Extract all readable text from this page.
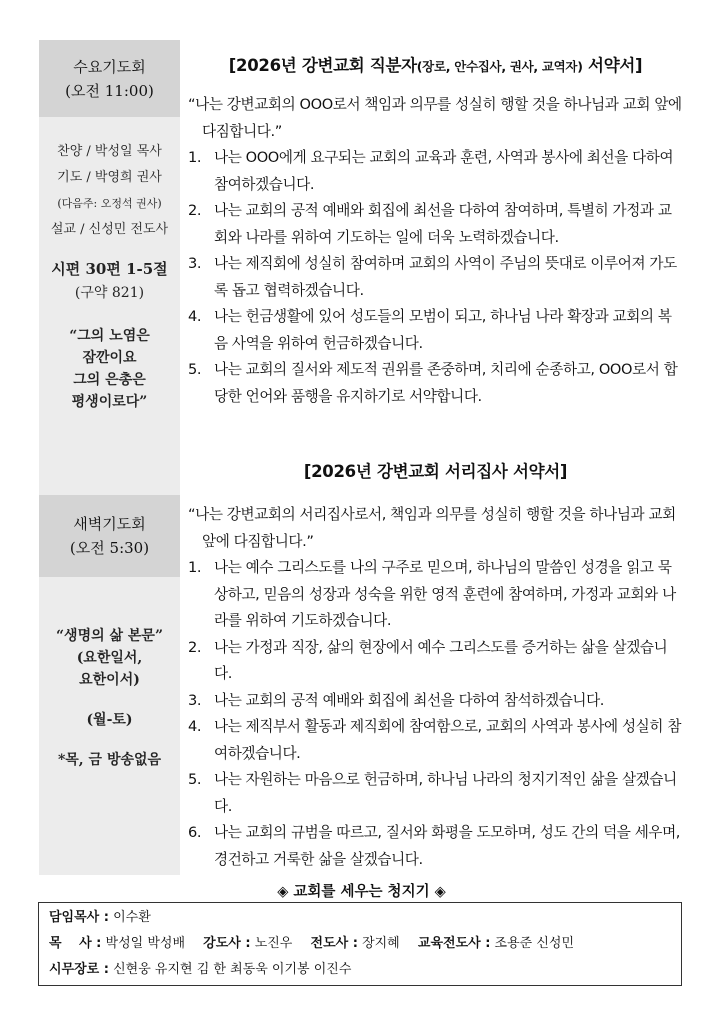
수요기도회
(오전 11:00)
찬양 / 박성일 목사
기도 / 박영희 권사
(다음주: 오정석 권사)
설교 / 신성민 전도사
시편 30편 1-5절
(구약 821)
“그의 노염은
잠깐이요
그의 은총은
평생이로다”
새벽기도회
(오전 5:30)
“생명의 삶 본문”
(요한일서,
요한이서)
(월-토)
*목, 금 방송없음
[2026년 강변교회 직분자(장로, 안수집사, 권사, 교역자) 서약서]
“나는 강변교회의 OOO로서 책임과 의무를 성실히 행할 것을 하나님과 교회 앞에 다짐합니다.”
1. 나는 OOO에게 요구되는 교회의 교육과 훈련, 사역과 봉사에 최선을 다하여 참여하겠습니다.
2. 나는 교회의 공적 예배와 회집에 최선을 다하여 참여하며, 특별히 가정과 교회와 나라를 위하여 기도하는 일에 더욱 노력하겠습니다.
3. 나는 제직회에 성실히 참여하며 교회의 사역이 주님의 뜻대로 이루어져 가도록 돕고 협력하겠습니다.
4. 나는 헌금생활에 있어 성도들의 모범이 되고, 하나님 나라 확장과 교회의 복음 사역을 위하여 헌금하겠습니다.
5. 나는 교회의 질서와 제도적 권위를 존중하며, 치리에 순종하고, OOO로서 합당한 언어와 품행을 유지하기로 서약합니다.
[2026년 강변교회 서리집사 서약서]
“나는 강변교회의 서리집사로서, 책임과 의무를 성실히 행할 것을 하나님과 교회 앞에 다짐합니다.”
1. 나는 예수 그리스도를 나의 구주로 믿으며, 하나님의 말씀인 성경을 읽고 묵상하고, 믿음의 성장과 성숙을 위한 영적 훈련에 참여하며, 가정과 교회와 나라를 위하여 기도하겠습니다.
2. 나는 가정과 직장, 삶의 현장에서 예수 그리스도를 증거하는 삶을 살겠습니다.
3. 나는 교회의 공적 예배와 회집에 최선을 다하여 참석하겠습니다.
4. 나는 제직부서 활동과 제직회에 참여함으로, 교회의 사역과 봉사에 성실히 참여하겠습니다.
5. 나는 자원하는 마음으로 헌금하며, 하나님 나라의 청지기적인 삶을 살겠습니다.
6. 나는 교회의 규범을 따르고, 질서와 화평을 도모하며, 성도 간의 덕을 세우며, 경건하고 거룩한 삶을 살겠습니다.
◈ 교회를 세우는 청지기 ◈
담임목사 : 이수환
목　 사 : 박성일 박성배 강도사 : 노진우 전도사 : 장지혜 교육전도사 : 조용준 신성민
시무장로 : 신현웅 유지현 김 한 최동욱 이기봉 이진수
